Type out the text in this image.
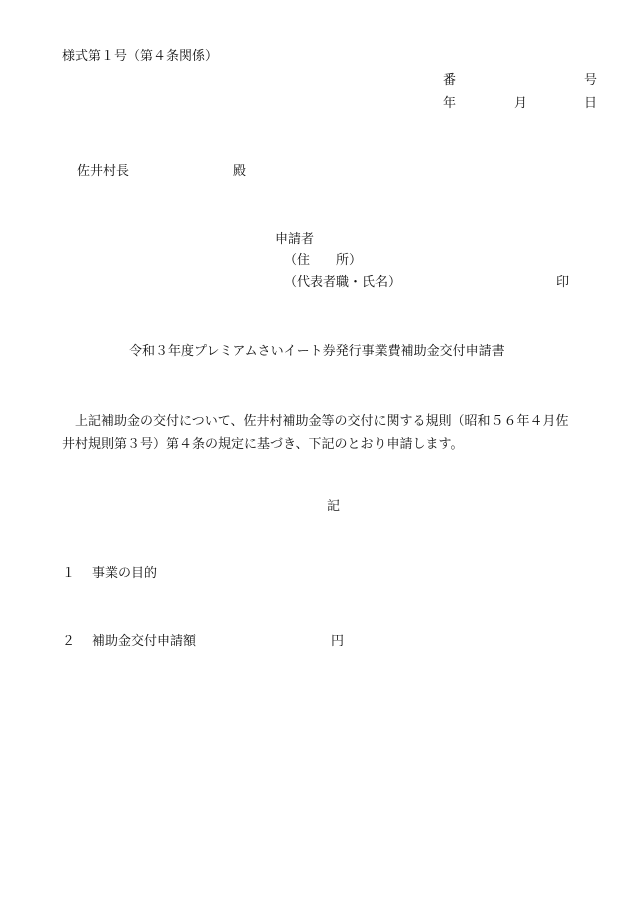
様式第１号（第４条関係）
番	号
年	月	日
佐井村長	殿
申請者
（住　　所）
（代表者職・氏名）	印
令和３年度プレミアムさいイート券発行事業費補助金交付申請書

　上記補助金の交付について、佐井村補助金等の交付に関する規則（昭和５６年４月佐

井村規則第３号）第４条の規定に基づき、下記のとおり申請します。

記
１ 事業の目的
２ 補助金交付申請額	円
